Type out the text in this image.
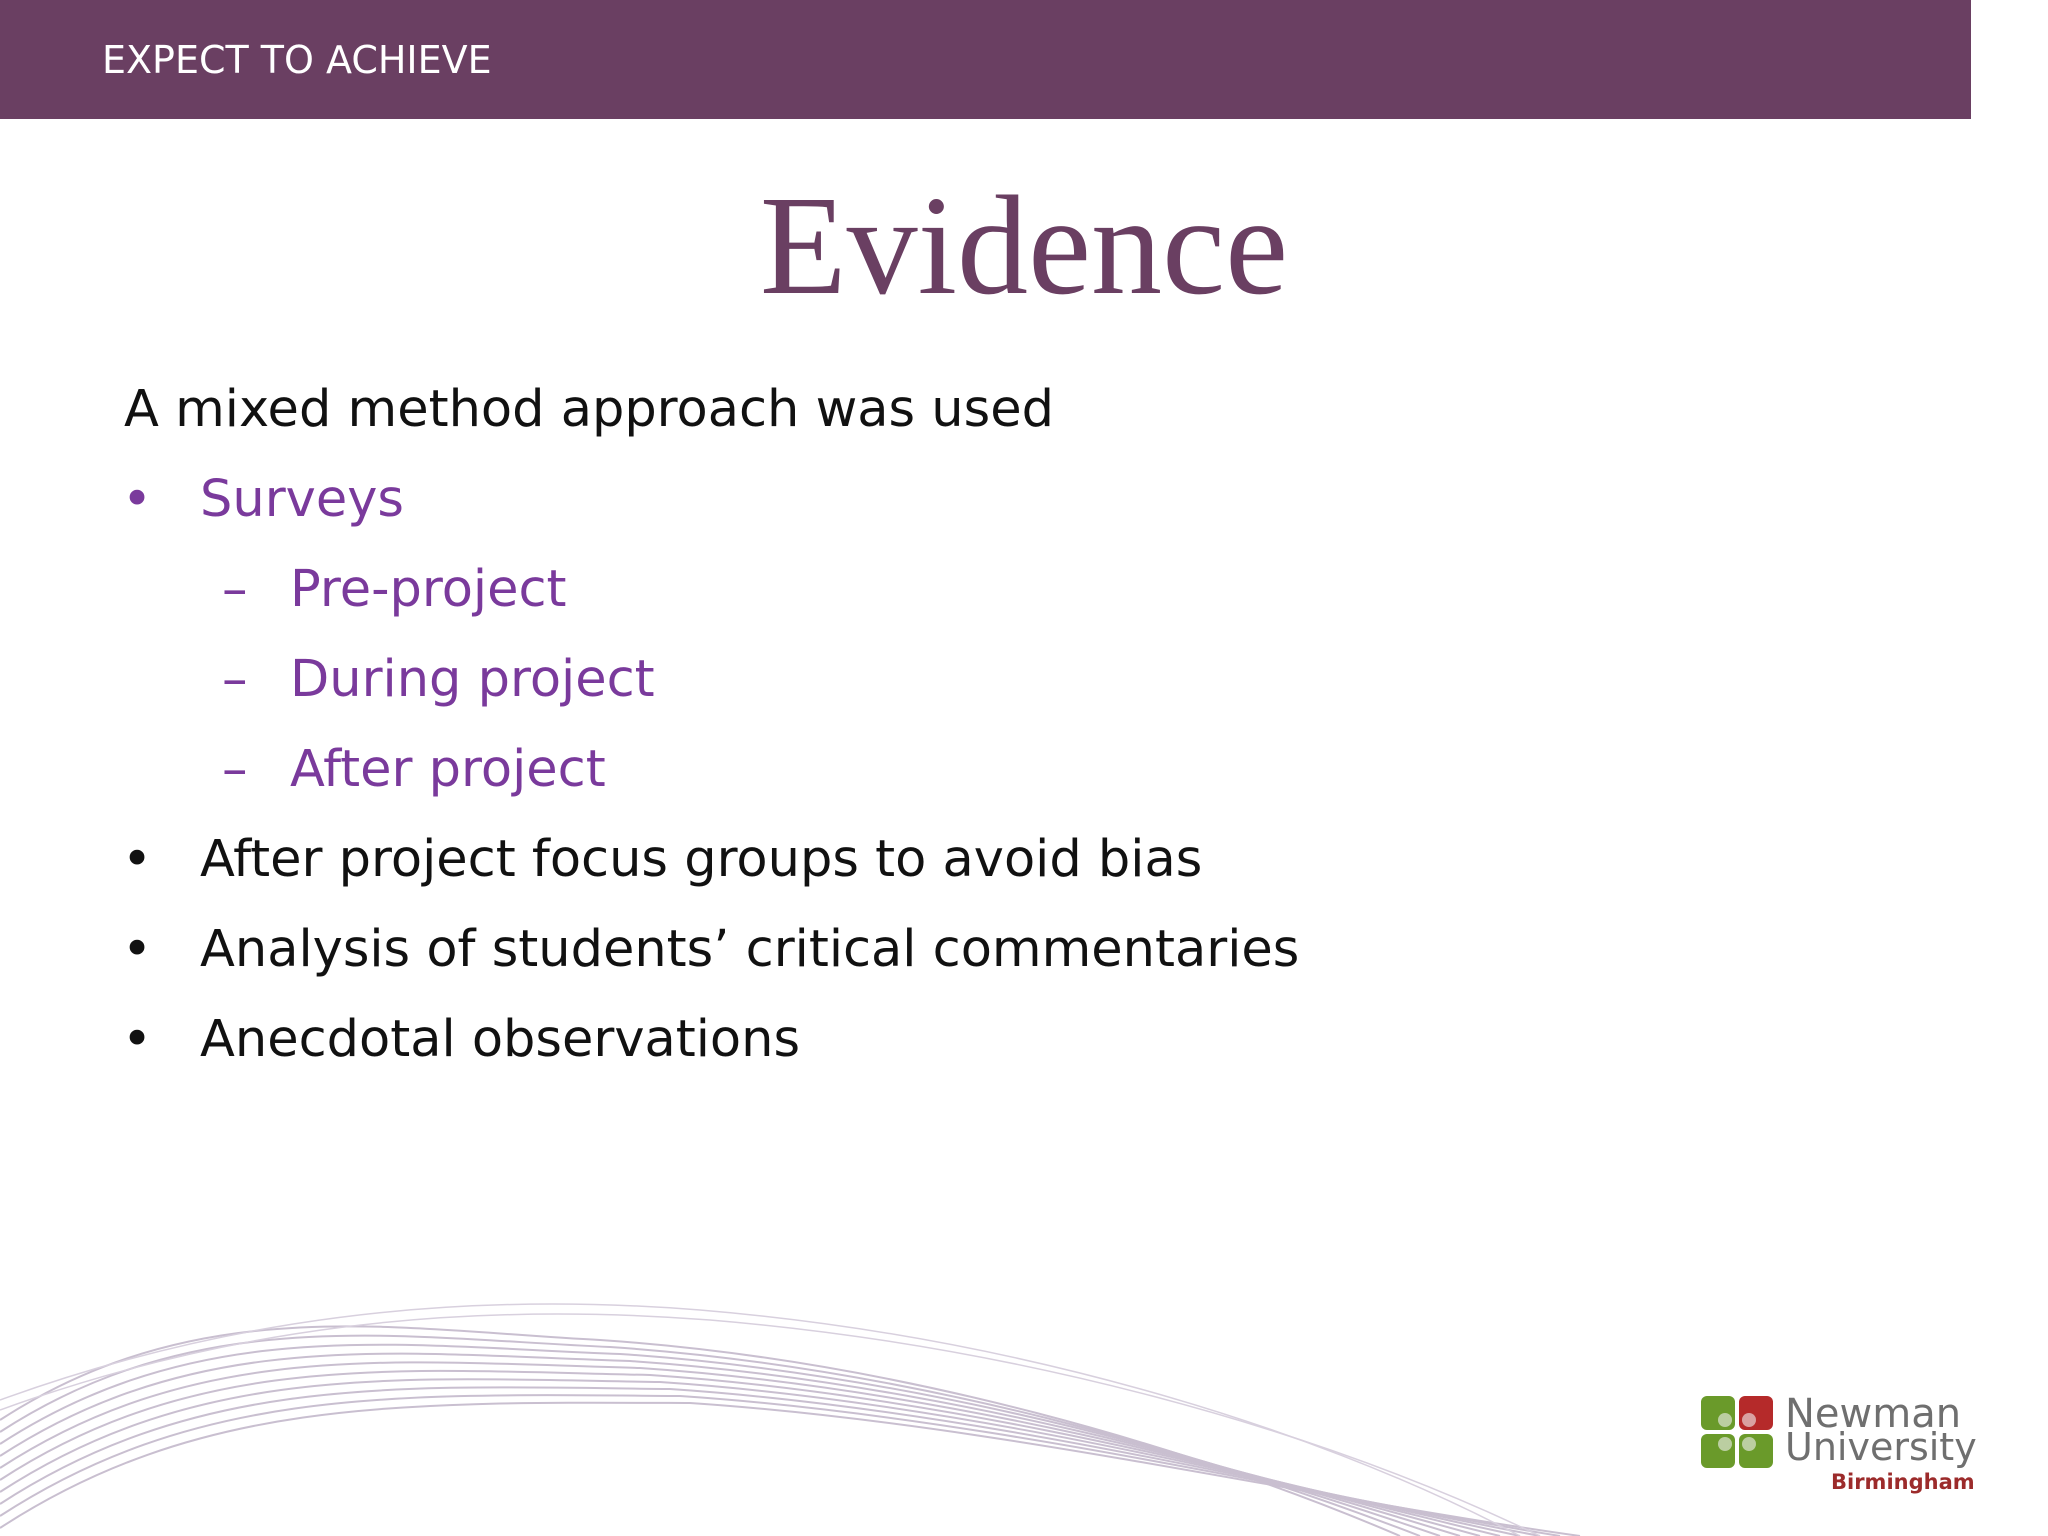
EXPECT TO ACHIEVE
Evidence
A mixed method approach was used
• Surveys
– Pre-project
– During project
– After project
• After project focus groups to avoid bias
• Analysis of students’ critical commentaries
• Anecdotal observations
Newman
University
Birmingham
